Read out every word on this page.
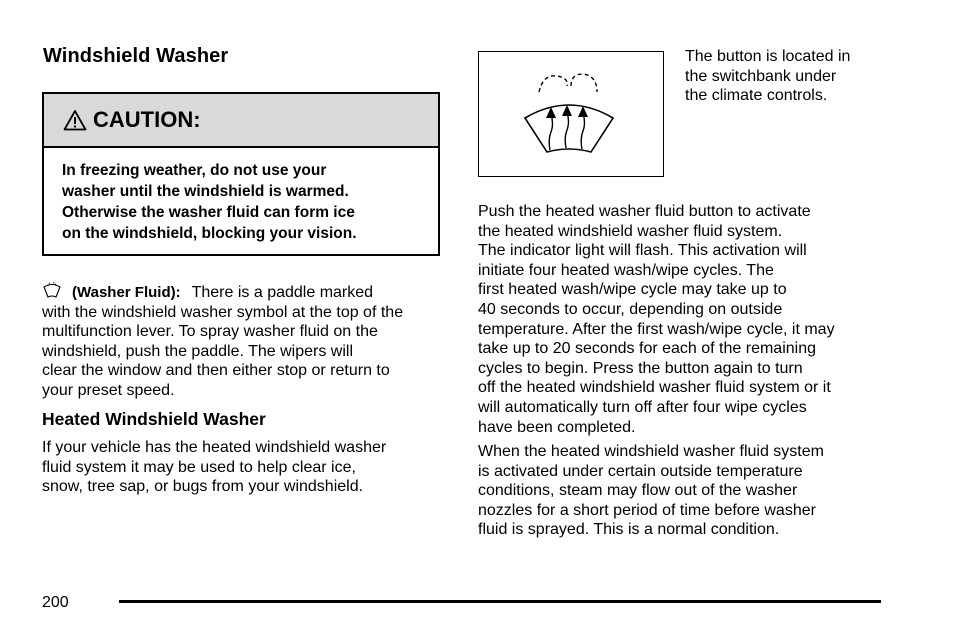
Windshield Washer
CAUTION:
In freezing weather, do not use your
washer until the windshield is warmed.
Otherwise the washer fluid can form ice
on the windshield, blocking your vision.
(Washer Fluid): There is a paddle marked
with the windshield washer symbol at the top of the
multifunction lever. To spray washer fluid on the
windshield, push the paddle. The wipers will
clear the window and then either stop or return to
your preset speed.
Heated Windshield Washer
If your vehicle has the heated windshield washer
fluid system it may be used to help clear ice,
snow, tree sap, or bugs from your windshield.
The button is located in
the switchbank under
the climate controls.
Push the heated washer fluid button to activate
the heated windshield washer fluid system.
The indicator light will flash. This activation will
initiate four heated wash/wipe cycles. The
first heated wash/wipe cycle may take up to
40 seconds to occur, depending on outside
temperature. After the first wash/wipe cycle, it may
take up to 20 seconds for each of the remaining
cycles to begin. Press the button again to turn
off the heated windshield washer fluid system or it
will automatically turn off after four wipe cycles
have been completed.
When the heated windshield washer fluid system
is activated under certain outside temperature
conditions, steam may flow out of the washer
nozzles for a short period of time before washer
fluid is sprayed. This is a normal condition.
200
